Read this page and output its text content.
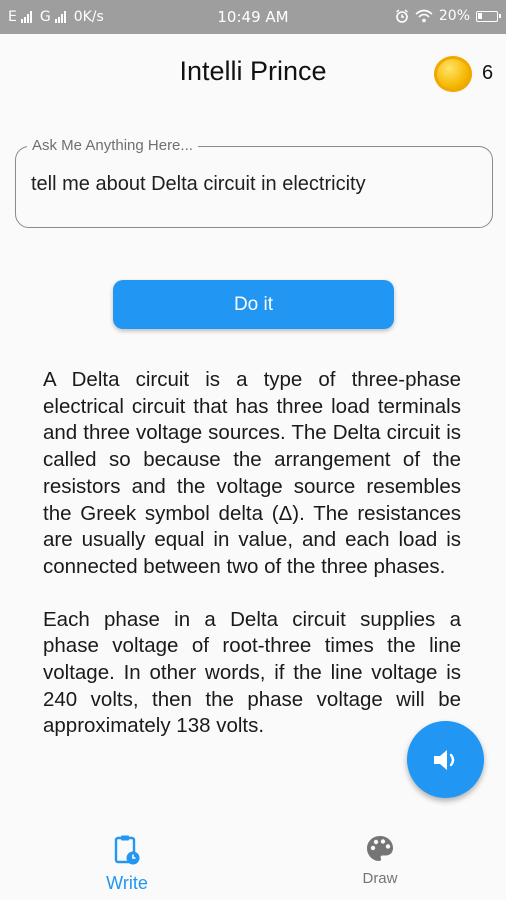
E G 0K/s	10:49 AM	20%
Intelli Prince	6
Ask Me Anything Here...
tell me about Delta circuit in electricity
Do it

A Delta circuit is a type of three-phase electrical circuit that has three load terminals and three voltage sources. The Delta circuit is called so because the arrangement of the resistors and the voltage source resembles the Greek symbol delta (Δ). The resistances are usually equal in value, and each load is connected between two of the three phases.

Each phase in a Delta circuit supplies a phase voltage of root-three times the line voltage. In other words, if the line voltage is 240 volts, then the phase voltage will be approximately 138 volts.

Write	Draw
